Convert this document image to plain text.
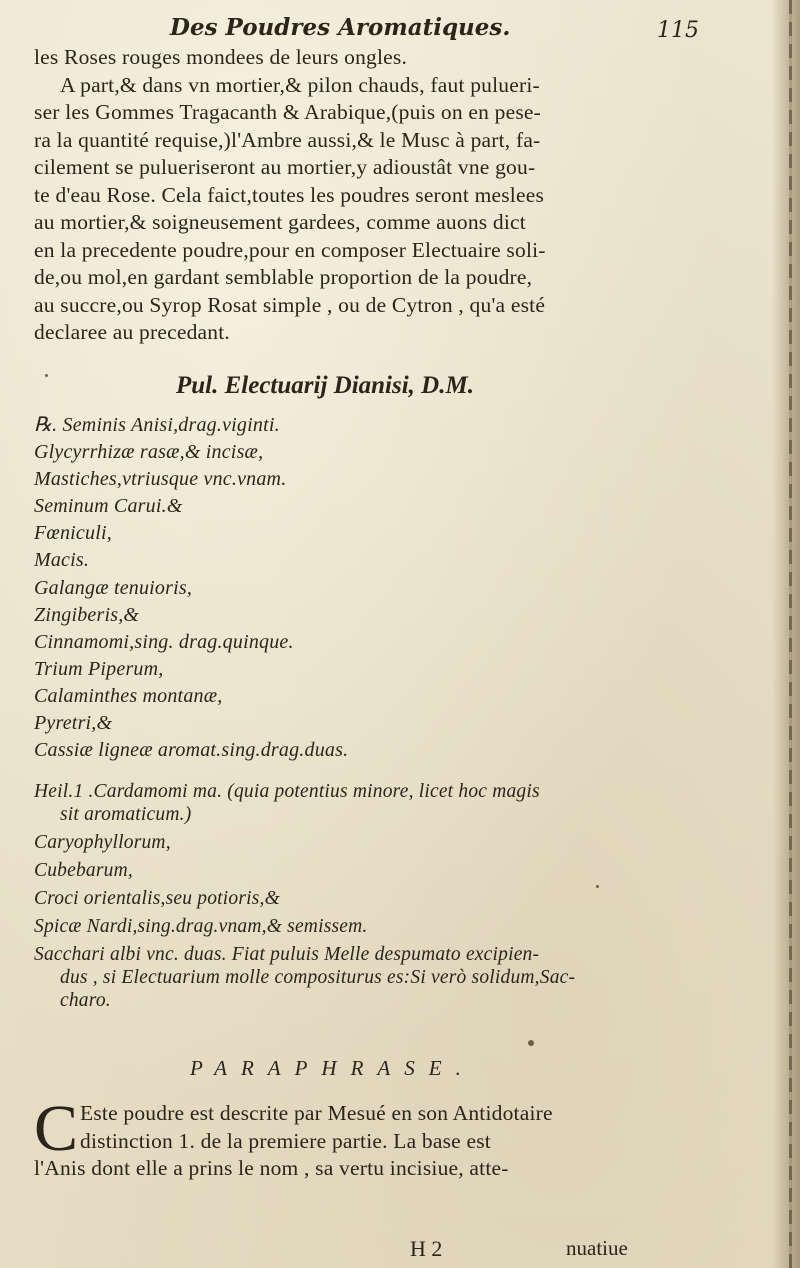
Des Poudres Aromatiques.	115
les Roses rouges mondees de leurs ongles.
A part,& dans vn mortier,& pilon chauds, faut pulueri-
ser les Gommes Tragacanth & Arabique,(puis on en pese-
ra la quantité requise,)l'Ambre aussi,& le Musc à part, fa-
cilement se pulueriseront au mortier,y adioustât vne gou-
te d'eau Rose. Cela faict,toutes les poudres seront meslees
au mortier,& soigneusement gardees, comme auons dict
en la precedente poudre,pour en composer Electuaire soli-
de,ou mol,en gardant semblable proportion de la poudre,
au succre,ou Syrop Rosat simple , ou de Cytron , qu'a esté
declaree au precedant.
Pul. Electuarij Dianisi, D.M.
℞. Seminis Anisi,drag.viginti.
Glycyrrhizæ rasæ,& incisæ,
Mastiches,vtriusque vnc.vnam.
Seminum Carui.&
Fœniculi,
Macis.
Galangæ tenuioris,
Zingiberis,&
Cinnamomi,sing. drag.quinque.
Trium Piperum,
Calaminthes montanæ,
Pyretri,&
Cassiæ ligneæ aromat.sing.drag.duas.
Heil.1 .Cardamomi ma. (quia potentius minore, licet hoc magis
sit aromaticum.)
Caryophyllorum,
Cubebarum,
Croci orientalis,seu potioris,&
Spicæ Nardi,sing.drag.vnam,& semissem.
Sacchari albi vnc. duas. Fiat puluis Melle despumato excipien-
dus , si Electuarium molle compositurus es:Si verò solidum,Sac-
charo.
PARAPHRASE.
C Este poudre est descrite par Mesué en son Antidotaire
distinction 1. de la premiere partie. La base est
l'Anis dont elle a prins le nom , sa vertu incisiue, atte-
H 2	nuatiue
